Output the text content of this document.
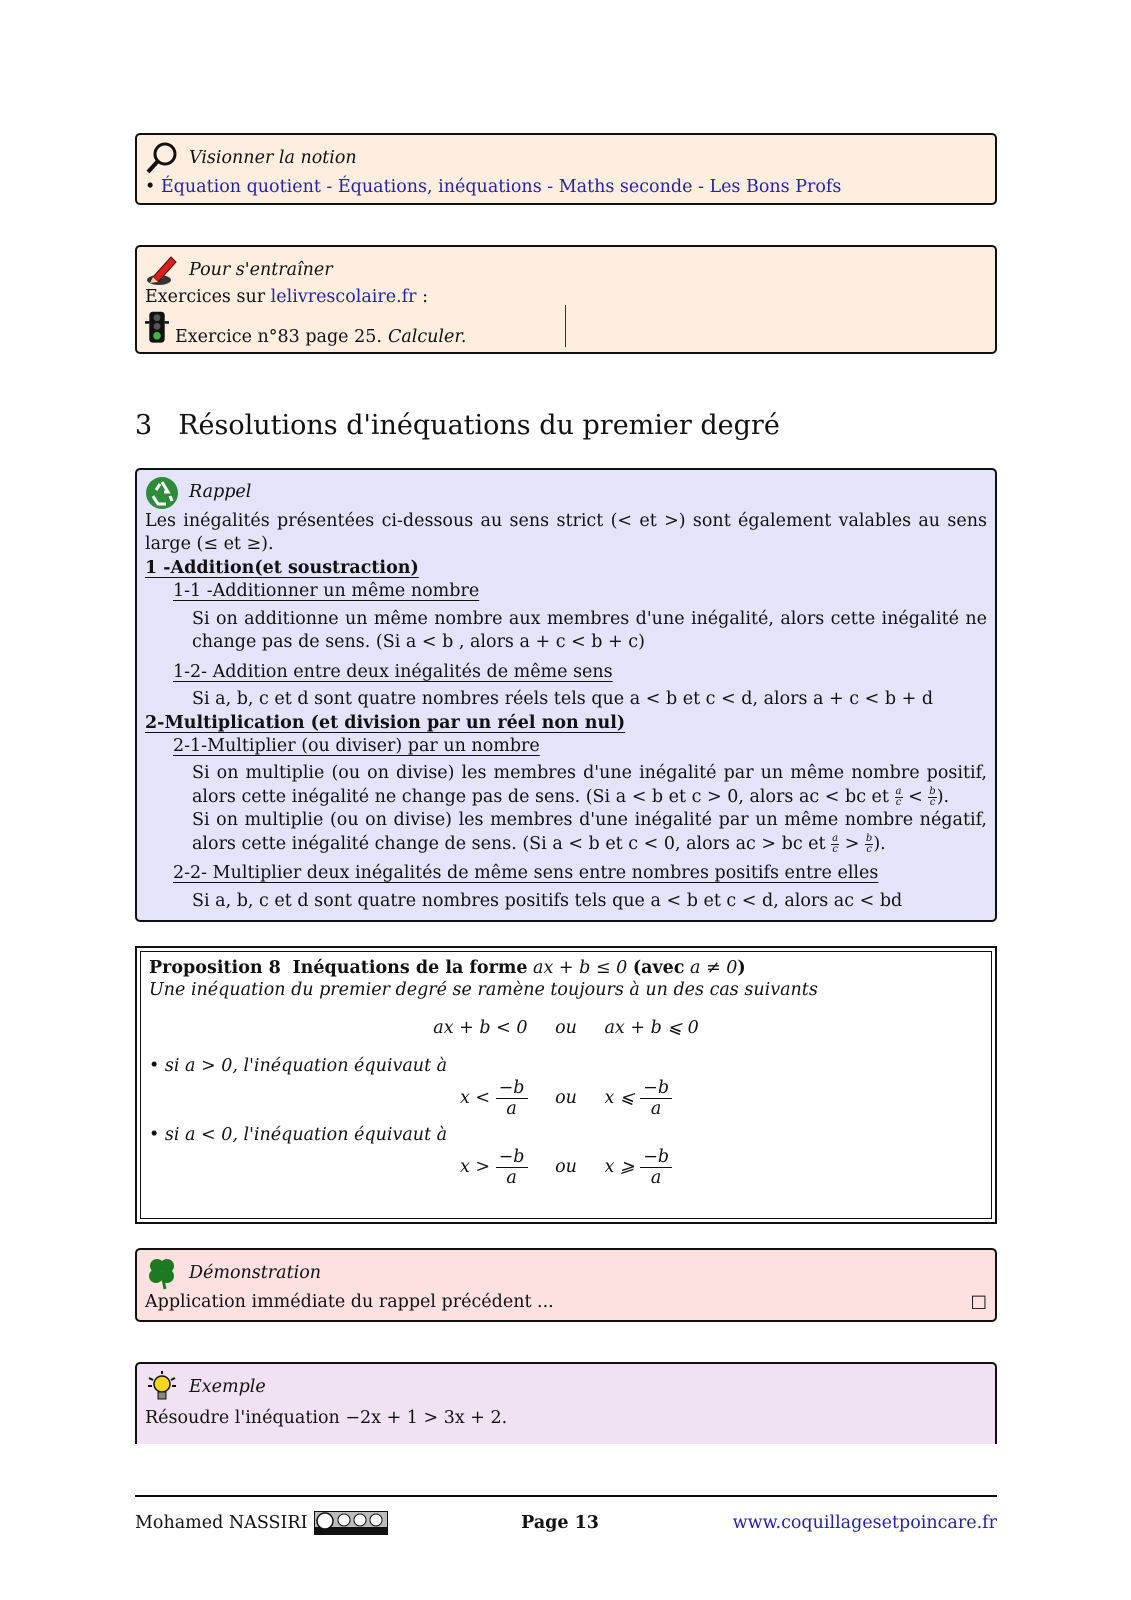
Visionner la notion
• Équation quotient - Équations, inéquations - Maths seconde - Les Bons Profs
Pour s'entraîner
Exercices sur lelivrescolaire.fr :
Exercice n°83 page 25. Calculer.
3 Résolutions d'inéquations du premier degré
Rappel
Les inégalités présentées ci-dessous au sens strict (< et >) sont également valables au sens large (≤ et ≥).
1 -Addition(et soustraction)
1-1 -Additionner un même nombre
Si on additionne un même nombre aux membres d'une inégalité, alors cette inégalité ne change pas de sens. (Si a < b , alors a + c < b + c)
1-2- Addition entre deux inégalités de même sens
Si a, b, c et d sont quatre nombres réels tels que a < b et c < d, alors a + c < b + d
2-Multiplication (et division par un réel non nul)
2-1-Multiplier (ou diviser) par un nombre
Si on multiplie (ou on divise) les membres d'une inégalité par un même nombre positif, alors cette inégalité ne change pas de sens. (Si a < b et c > 0, alors ac < bc et $\frac{a}{c} < \frac{b}{c}$ ).
Si on multiplie (ou on divise) les membres d'une inégalité par un même nombre négatif, alors cette inégalité change de sens. (Si a < b et c < 0, alors ac > bc et $\frac{a}{c} > \frac{b}{c}$ ).
2-2- Multiplier deux inégalités de même sens entre nombres positifs entre elles
Si a, b, c et d sont quatre nombres positifs tels que a < b et c < d, alors ac < bd
Proposition 8 Inéquations de la forme ax + b ≤ 0 (avec a ≠ 0)
Une inéquation du premier degré se ramène toujours à un des cas suivants
ax + b < 0 ou ax + b ⩽ 0
• si a > 0, l'inéquation équivaut à
$x < \frac{-b}{a}$ ou x ⩽ $\frac{-b}{a}$
• si a < 0, l'inéquation équivaut à
$x > \frac{-b}{a}$ ou x ⩾ $\frac{-b}{a}$
Démonstration
Application immédiate du rappel précédent ...	□
Exemple
Résoudre l'inéquation −2x + 1 > 3x + 2.
Mohamed NASSIRI	Page 13	www.coquillagesetpoincare.fr
